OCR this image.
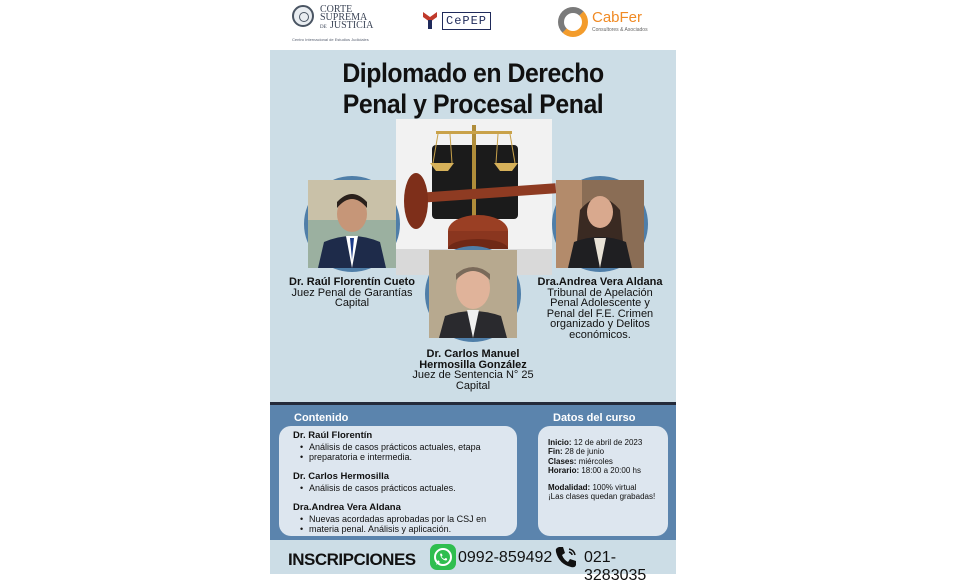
CORTE
SUPREMA
DE JUSTICIA
Centro Internacional de Estudios Judiciales
CePEP	CabFer
Consultores & Asociados
Diplomado en Derecho
Penal y Procesal Penal
Dr. Raúl Florentín Cueto
Juez Penal de Garantías
Capital
Dr. Carlos Manuel
Hermosilla González
Juez de Sentencia N° 25
Capital
Dra.Andrea Vera Aldana
Tribunal de Apelación
Penal Adolescente y
Penal del F.E. Crimen
organizado y Delitos
económicos.
Contenido	Datos del curso
Dr. Raúl Florentín
• Análisis de casos prácticos actuales, etapa
• preparatoria e intermedia.
Dr. Carlos Hermosilla
• Análisis de casos prácticos actuales.
Dra.Andrea Vera Aldana
• Nuevas acordadas aprobadas por la CSJ en
• materia penal. Análisis y aplicación.
Inicio: 12 de abril de 2023
Fin: 28 de junio
Clases: miércoles
Horario: 18:00 a 20:00 hs
Modalidad: 100% virtual
¡Las clases quedan grabadas!
INSCRIPCIONES	0992-859492 021-3283035
